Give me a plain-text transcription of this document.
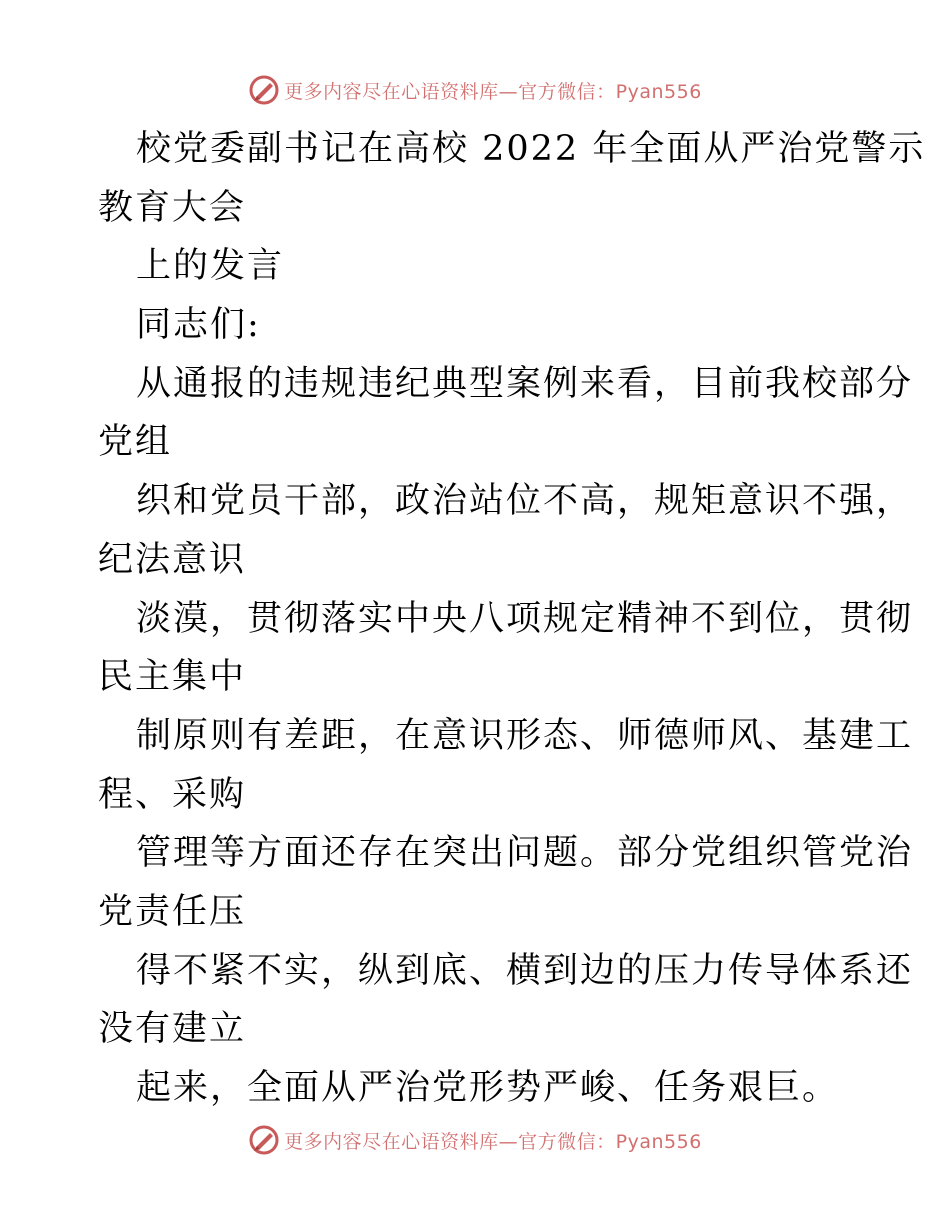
更多内容尽在心语资料库—官方微信：Pyan556
校党委副书记在高校 2022 年全面从严治党警示
教育大会
上的发言
同志们:
从通报的违规违纪典型案例来看，目前我校部分
党组
织和党员干部，政治站位不高，规矩意识不强，
纪法意识
淡漠，贯彻落实中央八项规定精神不到位，贯彻
民主集中
制原则有差距，在意识形态、师德师风、基建工
程、采购
管理等方面还存在突出问题。部分党组织管党治
党责任压
得不紧不实，纵到底、横到边的压力传导体系还
没有建立
起来，全面从严治党形势严峻、任务艰巨。
更多内容尽在心语资料库—官方微信：Pyan556
